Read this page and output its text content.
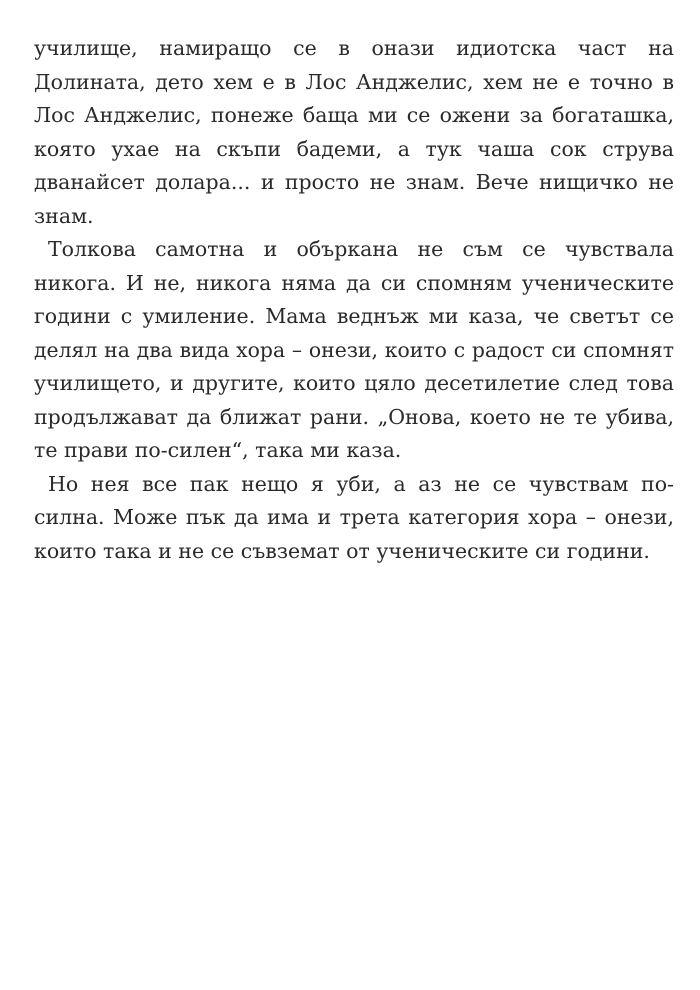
училище, намиращо се в онази идиотска част на
Долината, дето хем е в Лос Анджелис, хем не е точно в
Лос Анджелис, понеже баща ми се ожени за богаташка,
която ухае на скъпи бадеми, а тук чаша сок струва
дванайсет долара... и просто не знам. Вече нищичко не
знам.
Толкова самотна и объркана не съм се чувствала
никога. И не, никога няма да си спомням ученическите
години с умиление. Мама веднъж ми каза, че светът се
делял на два вида хора – онези, които с радост си спомнят
училището, и другите, които цяло десетилетие след това
продължават да ближат рани. „Онова, което не те убива,
те прави по-силен“, така ми каза.
Но нея все пак нещо я уби, а аз не се чувствам по-
силна. Може пък да има и трета категория хора – онези,
които така и не се съвземат от ученическите си години.
